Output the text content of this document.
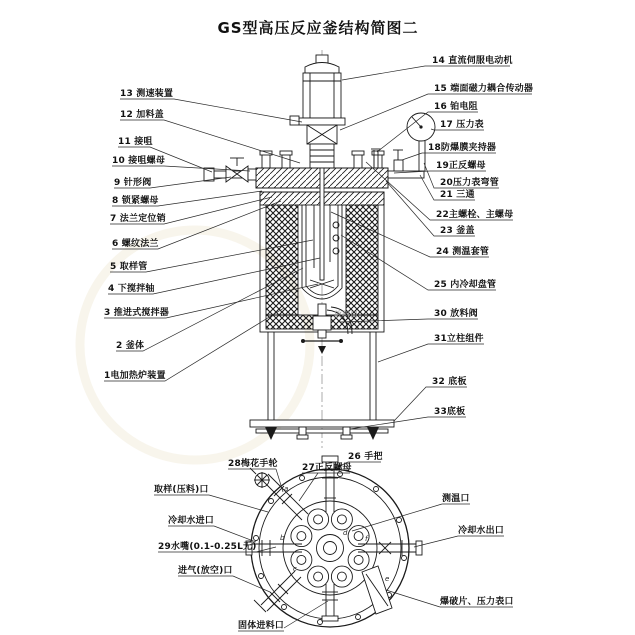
GS型高压反应釜结构简图二
放料口
13 测速装置
12 加料盖
11 接咀
10 接咀螺母
9 针形阀
8 锁紧螺母
7 法兰定位销
6 螺纹法兰
5 取样管
4 下搅拌轴
3 推进式搅拌器
2 釜体
1电加热炉装置
14 直流伺服电动机
15 端面磁力耦合传动器
16 铂电阻
17 压力表
18防爆膜夹持器
19正反螺母
20压力表弯管
21 三通
22主螺栓、主螺母
23 釜盖
24 测温套管
25 内冷却盘管
30 放料阀
31立柱组件
32 底板
33底板
a
b
c
d
e
f
28梅花手轮	27正反螺母
26 手把
取样(压料)口
测温口
冷却水进口
冷却水出口
29水嘴(0.1-0.25L无)
进气(放空)口
固体进料口
爆破片、压力表口
